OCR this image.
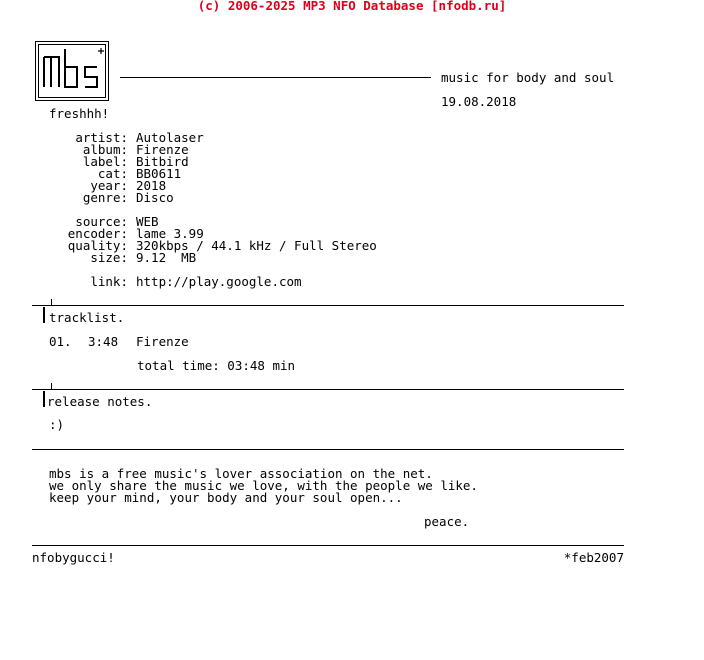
(c) 2006-2025 MP3 NFO Database [nfodb.ru]
music for body and soul
19.08.2018
freshhh!
artist: Autolaser
album: Firenze
label: Bitbird
cat: BB0611
year: 2018
genre: Disco
source: WEB
encoder: lame 3.99
quality: 320kbps / 44.1 kHz / Full Stereo
size: 9.12  MB
link: http://play.google.com
tracklist.
01. 3:48 Firenze
total time: 03:48 min
release notes.
:)
mbs is a free music's lover association on the net.
we only share the music we love, with the people we like.
keep your mind, your body and your soul open...
peace.
nfobygucci!	*feb2007
